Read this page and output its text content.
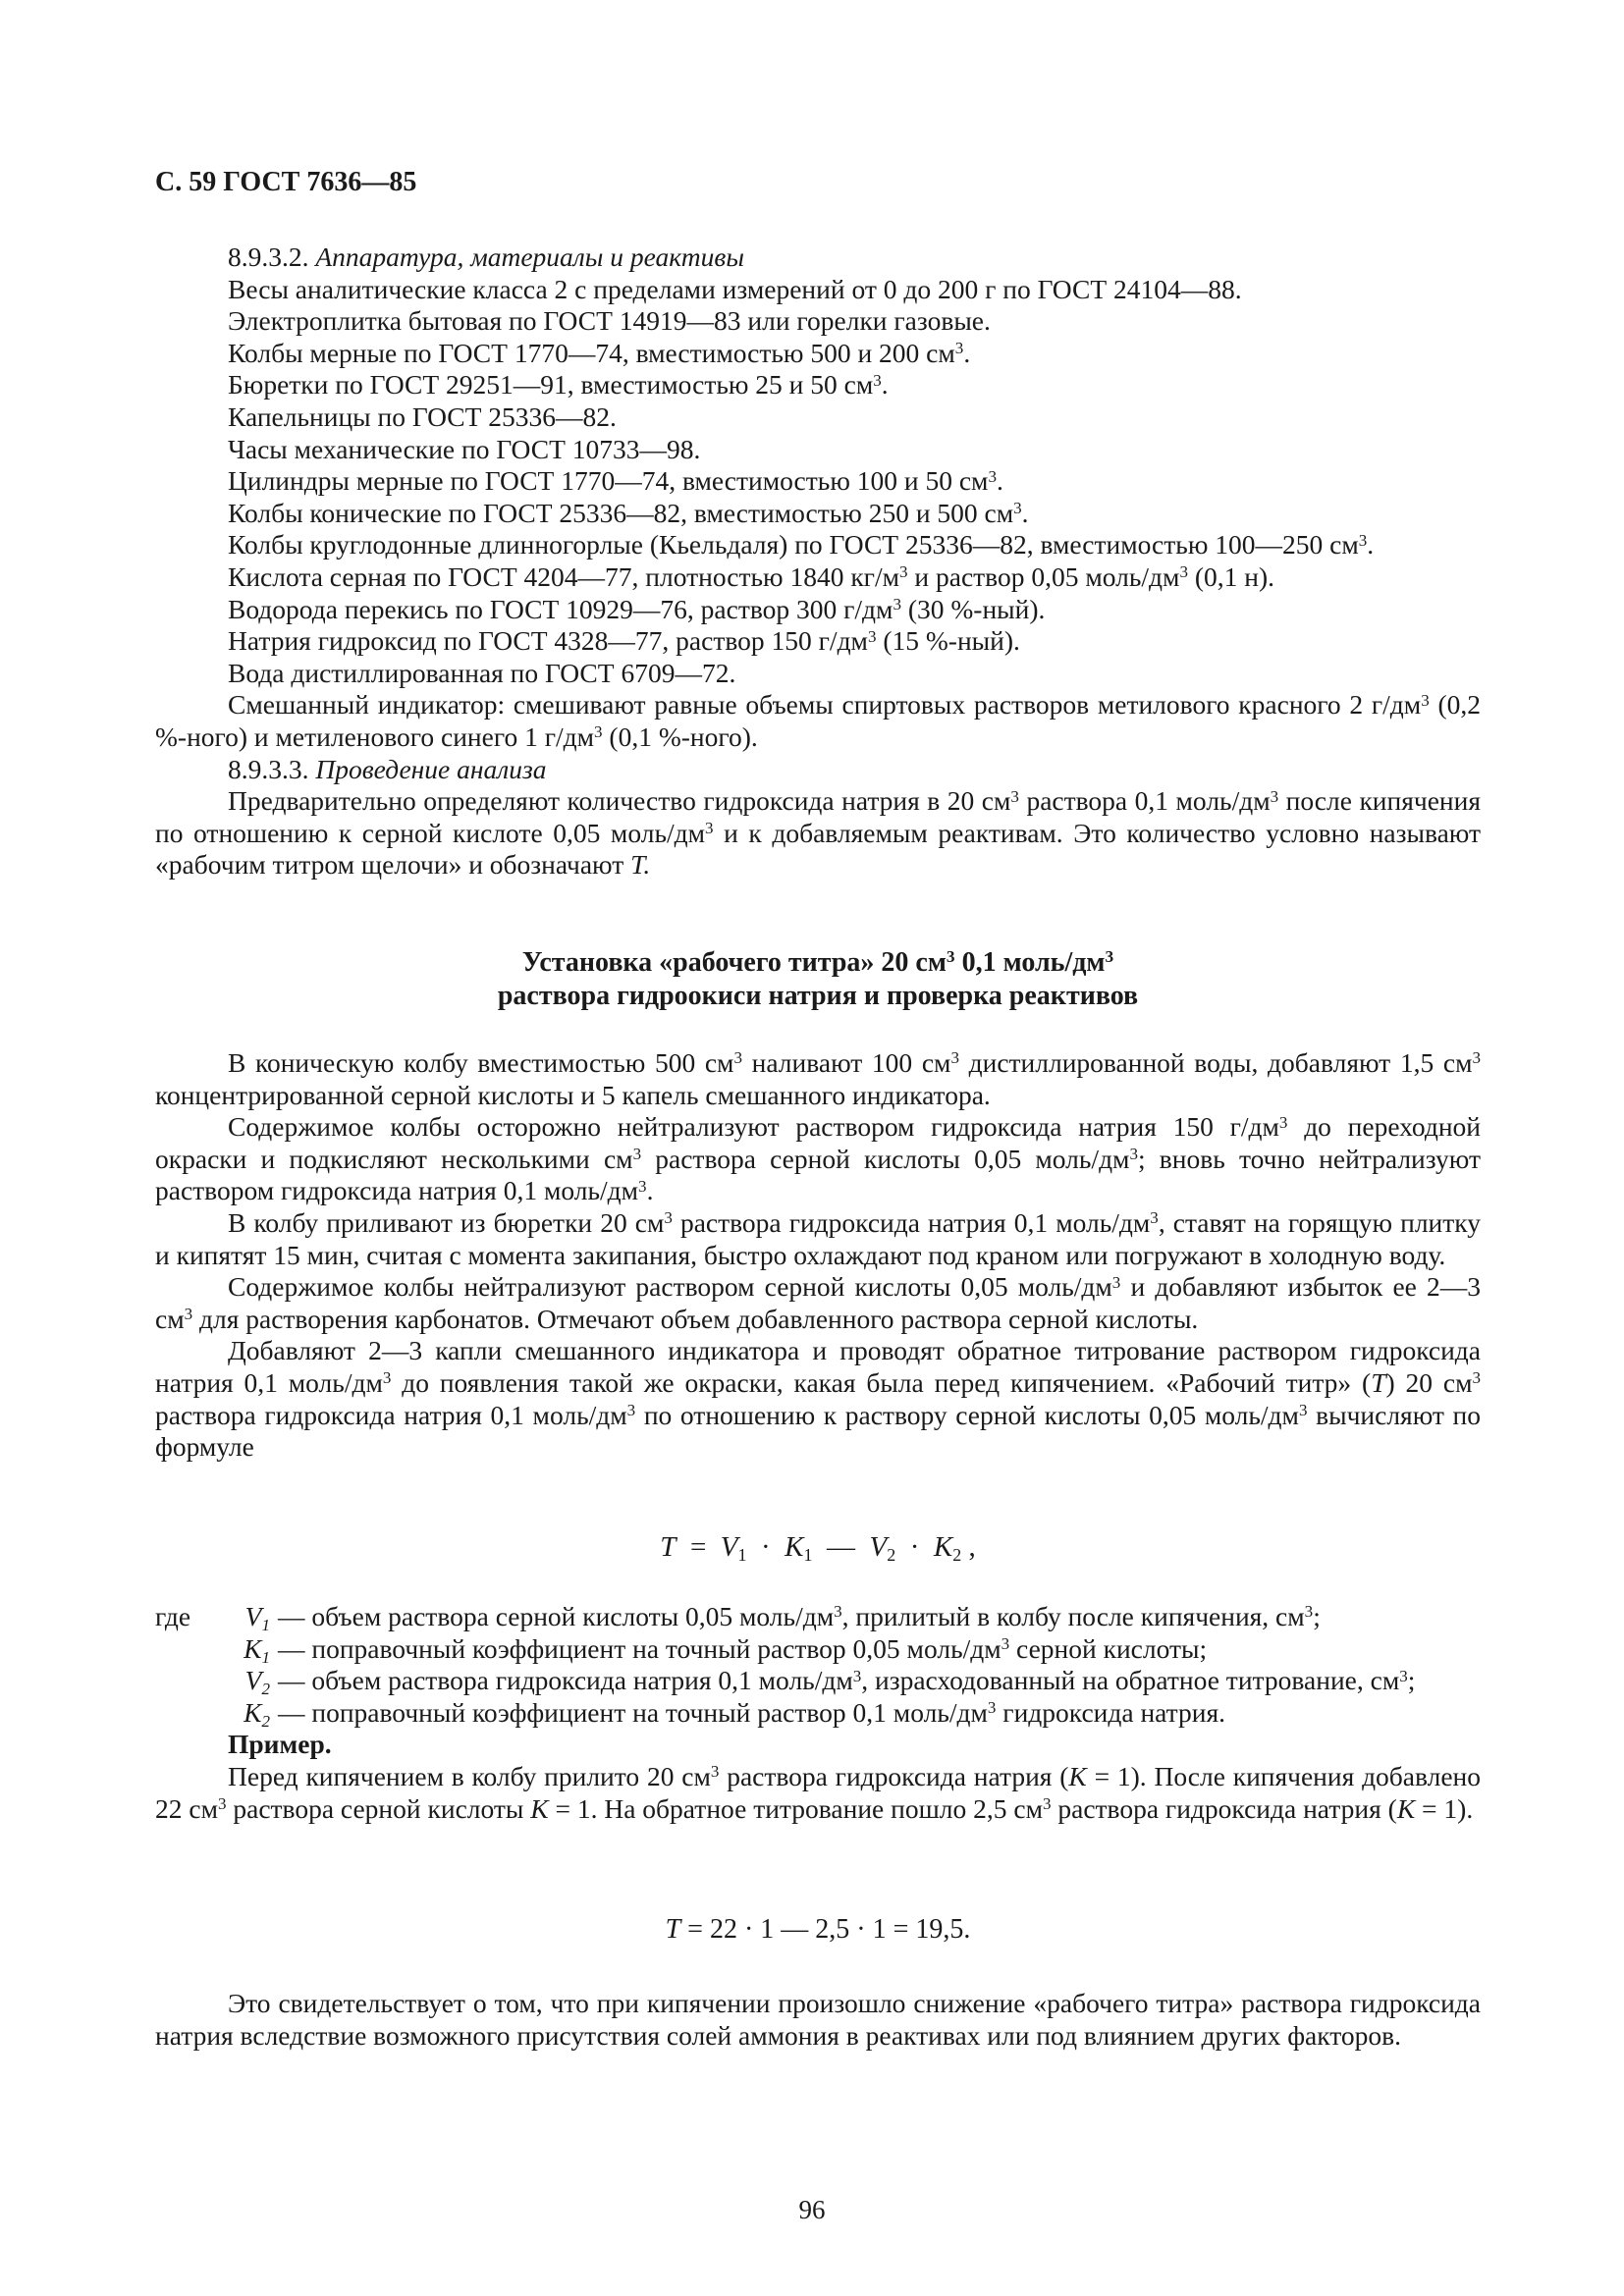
С. 59 ГОСТ 7636—85

8.9.3.2. Аппаратура, материалы и реактивы

Весы аналитические класса 2 с пределами измерений от 0 до 200 г по ГОСТ 24104—88.

Электроплитка бытовая по ГОСТ 14919—83 или горелки газовые.

Колбы мерные по ГОСТ 1770—74, вместимостью 500 и 200 $см^3$.

Бюретки по ГОСТ 29251—91, вместимостью 25 и 50 $см^3$.

Капельницы по ГОСТ 25336—82.

Часы механические по ГОСТ 10733—98.

Цилиндры мерные по ГОСТ 1770—74, вместимостью 100 и 50 $см^3$.

Колбы конические по ГОСТ 25336—82, вместимостью 250 и 500 $см^3$.

Колбы круглодонные длинногорлые (Кьельдаля) по ГОСТ 25336—82, вместимостью 100—250 $см^3$.

Кислота серная по ГОСТ 4204—77, плотностью 1840 $кг/м^3$ и раствор 0,05 моль/$дм^3$ (0,1 н).

Водорода перекись по ГОСТ 10929—76, раствор 300 $г/дм^3$ (30 %-ный).

Натрия гидроксид по ГОСТ 4328—77, раствор 150 $г/дм^3$ (15 %-ный).

Вода дистиллированная по ГОСТ 6709—72.

Смешанный индикатор: смешивают равные объемы спиртовых растворов метилового красного 2 $г/дм^3$ (0,2 %-ного) и метиленового синего 1 $г/дм^3$ (0,1 %-ного).

8.9.3.3. Проведение анализа

Предварительно определяют количество гидроксида натрия в 20 $см^3$ раствора 0,1 моль/$дм^3$ после кипячения по отношению к серной кислоте 0,05 моль/$дм^3$ и к добавляемым реактивам. Это количество условно называют «рабочим титром щелочи» и обозначают T.

Установка «рабочего титра» 20 $см^3$ 0,1 моль/$дм^3$
раствора гидроокиси натрия и проверка реактивов

В коническую колбу вместимостью 500 $см^3$ наливают 100 $см^3$ дистиллированной воды, добавляют 1,5 $см^3$ концентрированной серной кислоты и 5 капель смешанного индикатора.

Содержимое колбы осторожно нейтрализуют раствором гидроксида натрия 150 $г/дм^3$ до переходной окраски и подкисляют несколькими $см^3$ раствора серной кислоты 0,05 моль/$дм^3$; вновь точно нейтрализуют раствором гидроксида натрия 0,1 моль/$дм^3$.

В колбу приливают из бюретки 20 $см^3$ раствора гидроксида натрия 0,1 моль/$дм^3$, ставят на горящую плитку и кипятят 15 мин, считая с момента закипания, быстро охлаждают под краном или погружают в холодную воду.

Содержимое колбы нейтрализуют раствором серной кислоты 0,05 моль/$дм^3$ и добавляют избыток ее 2—3 $см^3$ для растворения карбонатов. Отмечают объем добавленного раствора серной кислоты.

Добавляют 2—3 капли смешанного индикатора и проводят обратное титрование раствором гидроксида натрия 0,1 моль/$дм^3$ до появления такой же окраски, какая была перед кипячением. «Рабочий титр» (T) 20 $см^3$ раствора гидроксида натрия 0,1 моль/$дм^3$ по отношению к раствору серной кислоты 0,05 моль/$дм^3$ вычисляют по формуле

$T = V_1 \cdot K_1$ — $V_2 \cdot K_2$ ,
где	$V_1$ — объем раствора серной кислоты 0,05 моль/$дм^3$, прилитый в колбу после кипячения, $см^3$;
$K_1$ — поправочный коэффициент на точный раствор 0,05 моль/$дм^3$ серной кислоты;
$V_2$ — объем раствора гидроксида натрия 0,1 моль/$дм^3$, израсходованный на обратное титрование, $см^3$;
$K_2$ — поправочный коэффициент на точный раствор 0,1 моль/$дм^3$ гидроксида натрия.

Пример.

Перед кипячением в колбу прилито 20 $см^3$ раствора гидроксида натрия (K = 1). После кипячения добавлено 22 $см^3$ раствора серной кислоты K = 1. На обратное титрование пошло 2,5 $см^3$ раствора гидроксида натрия (K = 1).

T = 22 · 1 — 2,5 · 1 = 19,5.

Это свидетельствует о том, что при кипячении произошло снижение «рабочего титра» раствора гидроксида натрия вследствие возможного присутствия солей аммония в реактивах или под влиянием других факторов.

96
